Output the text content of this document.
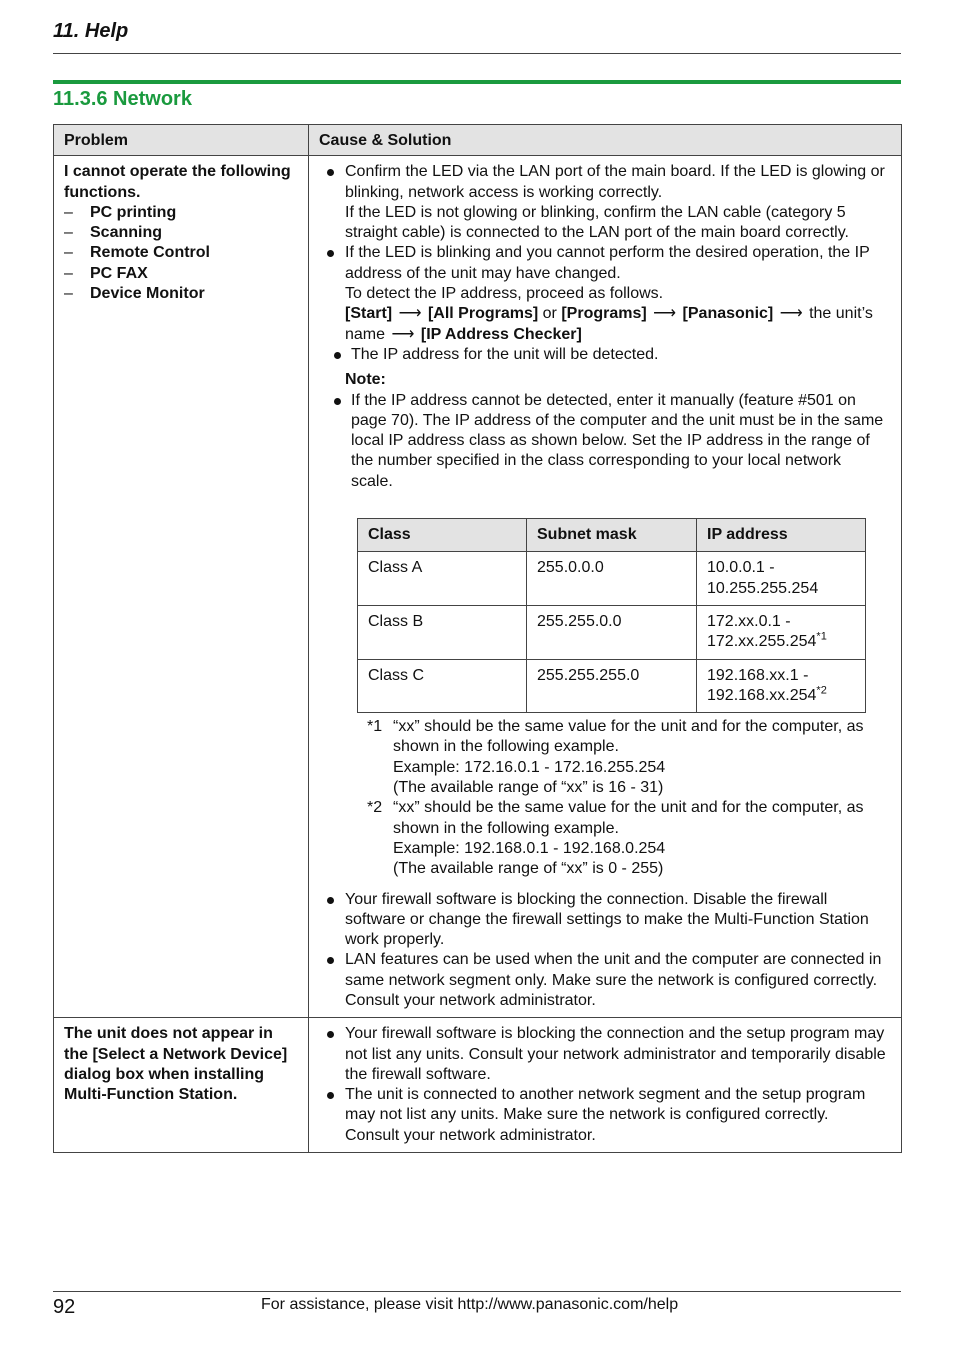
11. Help
11.3.6 Network
Problem	Cause & Solution

I cannot operate the following functions.
– PC printing
– Scanning
– Remote Control
– PC FAX
– Device Monitor

Confirm the LED via the LAN port of the main board. If the LED is glowing or blinking, network access is working correctly.
If the LED is not glowing or blinking, confirm the LAN cable (category 5 straight cable) is connected to the LAN port of the main board correctly.
If the LED is blinking and you cannot perform the desired operation, the IP address of the unit may have changed.
To detect the IP address, proceed as follows.
[Start] ⟶ [All Programs] or [Programs] ⟶ [Panasonic] ⟶ the unit’s name ⟶ [IP Address Checker]
The IP address for the unit will be detected.
Note:
If the IP address cannot be detected, enter it manually (feature #501 on page 70). The IP address of the computer and the unit must be in the same local IP address class as shown below. Set the IP address in the range of the number specified in the class corresponding to your local network scale.
Class	Subnet mask	IP address
Class A	255.0.0.0	10.0.0.1 -
10.255.255.254

Class B	255.255.0.0	172.xx.0.1 -
172.xx.255.254$^{*1}$

Class C	255.255.255.0	192.168.xx.1 -
192.168.xx.254$^{*2}$
*1 “xx” should be the same value for the unit and for the computer, as shown in the following example.
Example: 172.16.0.1 - 172.16.255.254
(The available range of “xx” is 16 - 31)
*2 “xx” should be the same value for the unit and for the computer, as shown in the following example.
Example: 192.168.0.1 - 192.168.0.254
(The available range of “xx” is 0 - 255)
Your firewall software is blocking the connection. Disable the firewall software or change the firewall settings to make the Multi-Function Station work properly.
LAN features can be used when the unit and the computer are connected in same network segment only. Make sure the network is configured correctly. Consult your network administrator.

The unit does not appear in the [Select a Network Device] dialog box when installing Multi-Function Station.	
Your firewall software is blocking the connection and the setup program may not list any units. Consult your network administrator and temporarily disable the firewall software.
The unit is connected to another network segment and the setup program may not list any units. Make sure the network is configured correctly. Consult your network administrator.
92	For assistance, please visit http://www.panasonic.com/help
